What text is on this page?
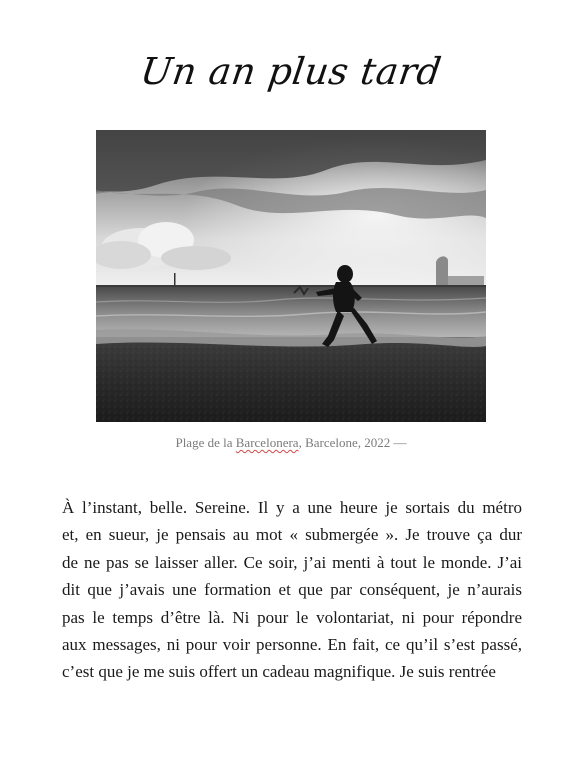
Un an plus tard
Plage de la Barcelonera, Barcelone, 2022 —
À l’instant, belle. Sereine. Il y a une heure je sortais du métro
et, en sueur, je pensais au mot « submergée ». Je trouve ça dur
de ne pas se laisser aller. Ce soir, j’ai menti à tout le monde. J’ai
dit que j’avais une formation et que par conséquent, je n’aurais
pas le temps d’être là. Ni pour le volontariat, ni pour répondre
aux messages, ni pour voir personne. En fait, ce qu’il s’est passé,
c’est que je me suis offert un cadeau magnifique. Je suis rentrée
